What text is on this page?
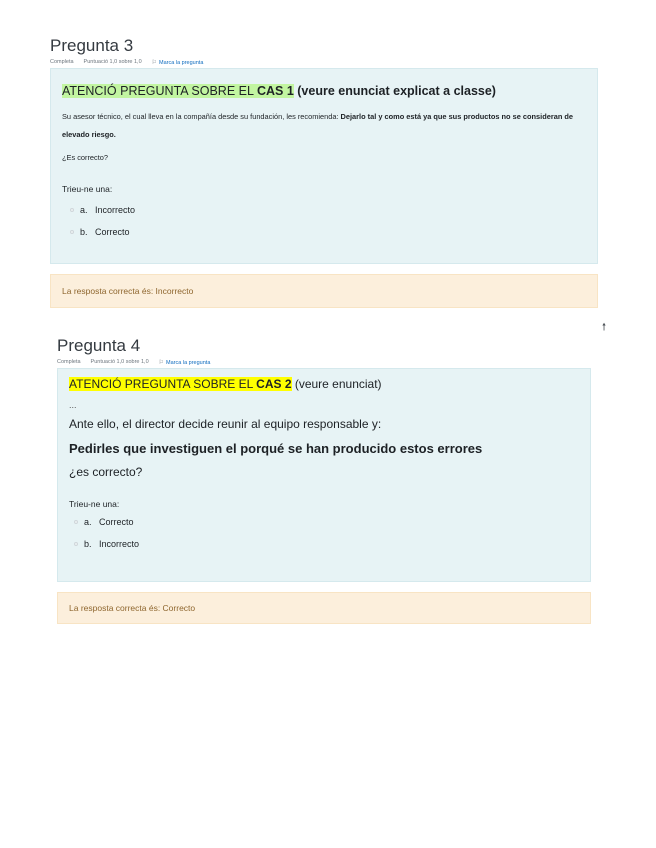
Pregunta 3
Completa Puntuació 1,0 sobre 1,0 ⚐ Marca la pregunta
ATENCIÓ PREGUNTA SOBRE EL CAS 1 (veure enunciat explicat a classe)
Su asesor técnico, el cual lleva en la compañía desde su fundación, les recomienda: Dejarlo tal y como está ya que sus productos no se consideran de elevado riesgo.
¿Es correcto?
Trieu-ne una:
a. Incorrecto
b. Correcto
La resposta correcta és: Incorrecto
🠕
Pregunta 4
Completa Puntuació 1,0 sobre 1,0 ⚐ Marca la pregunta
ATENCIÓ PREGUNTA SOBRE EL CAS 2 (veure enunciat)
...
Ante ello, el director decide reunir al equipo responsable y:
Pedirles que investiguen el porqué se han producido estos errores
¿es correcto?
Trieu-ne una:
a. Correcto
b. Incorrecto
La resposta correcta és: Correcto
